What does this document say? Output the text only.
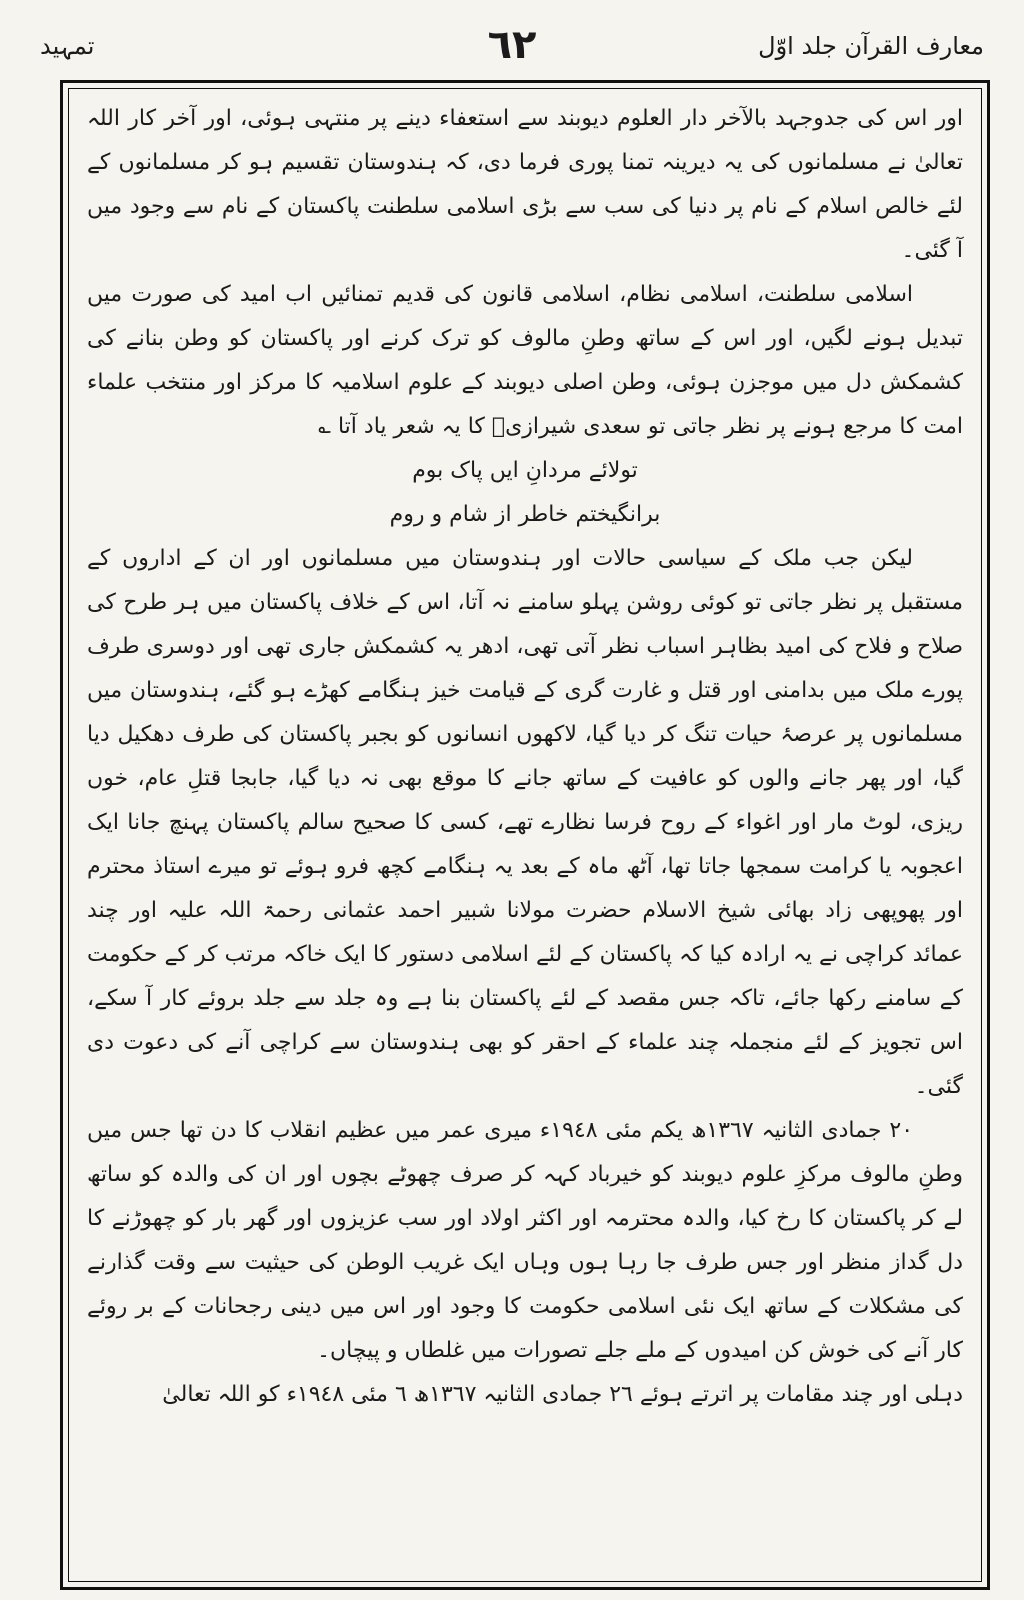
معارف القرآن جلد اوّل
٦٢
تمہید

اور اس کی جدوجہد بالآخر دار العلوم دیوبند سے استعفاء دینے پر منتہی ہوئی، اور آخر کار اللہ تعالیٰ نے مسلمانوں کی یہ دیرینہ تمنا پوری فرما دی، کہ ہندوستان تقسیم ہو کر مسلمانوں کے لئے خالص اسلام کے نام پر دنیا کی سب سے بڑی اسلامی سلطنت پاکستان کے نام سے وجود میں آ گئی۔

اسلامی سلطنت، اسلامی نظام، اسلامی قانون کی قدیم تمنائیں اب امید کی صورت میں تبدیل ہونے لگیں، اور اس کے ساتھ وطنِ مالوف کو ترک کرنے اور پاکستان کو وطن بنانے کی کشمکش دل میں موجزن ہوئی، وطن اصلی دیوبند کے علوم اسلامیہ کا مرکز اور منتخب علماء امت کا مرجع ہونے پر نظر جاتی تو سعدی شیرازیؒ کا یہ شعر یاد آتا ؎

تولائے مردانِ ایں پاک بوم

برانگیختم خاطر از شام و روم

لیکن جب ملک کے سیاسی حالات اور ہندوستان میں مسلمانوں اور ان کے اداروں کے مستقبل پر نظر جاتی تو کوئی روشن پہلو سامنے نہ آتا، اس کے خلاف پاکستان میں ہر طرح کی صلاح و فلاح کی امید بظاہر اسباب نظر آتی تھی، ادھر یہ کشمکش جاری تھی اور دوسری طرف پورے ملک میں بدامنی اور قتل و غارت گری کے قیامت خیز ہنگامے کھڑے ہو گئے، ہندوستان میں مسلمانوں پر عرصۂ حیات تنگ کر دیا گیا، لاکھوں انسانوں کو بجبر پاکستان کی طرف دھکیل دیا گیا، اور پھر جانے والوں کو عافیت کے ساتھ جانے کا موقع بھی نہ دیا گیا، جابجا قتلِ عام، خوں ریزی، لوٹ مار اور اغواء کے روح فرسا نظارے تھے، کسی کا صحیح سالم پاکستان پہنچ جانا ایک اعجوبہ یا کرامت سمجھا جاتا تھا، آٹھ ماہ کے بعد یہ ہنگامے کچھ فرو ہوئے تو میرے استاذ محترم اور پھوپھی زاد بھائی شیخ الاسلام حضرت مولانا شبیر احمد عثمانی رحمۃ اللہ علیہ اور چند عمائد کراچی نے یہ ارادہ کیا کہ پاکستان کے لئے اسلامی دستور کا ایک خاکہ مرتب کر کے حکومت کے سامنے رکھا جائے، تاکہ جس مقصد کے لئے پاکستان بنا ہے وہ جلد سے جلد بروئے کار آ سکے، اس تجویز کے لئے منجملہ چند علماء کے احقر کو بھی ہندوستان سے کراچی آنے کی دعوت دی گئی۔

٢٠ جمادی الثانیہ ١٣٦٧ھ یکم مئی ١٩٤٨ء میری عمر میں عظیم انقلاب کا دن تھا جس میں وطنِ مالوف مرکزِ علوم دیوبند کو خیرباد کہہ کر صرف چھوٹے بچوں اور ان کی والدہ کو ساتھ لے کر پاکستان کا رخ کیا، والدہ محترمہ اور اکثر اولاد اور سب عزیزوں اور گھر بار کو چھوڑنے کا دل گداز منظر اور جس طرف جا رہا ہوں وہاں ایک غریب الوطن کی حیثیت سے وقت گذارنے کی مشکلات کے ساتھ ایک نئی اسلامی حکومت کا وجود اور اس میں دینی رجحانات کے بر روئے کار آنے کی خوش کن امیدوں کے ملے جلے تصورات میں غلطاں و پیچاں۔

دہلی اور چند مقامات پر اترتے ہوئے ٢٦ جمادی الثانیہ ١٣٦٧ھ ٦ مئی ١٩٤٨ء کو اللہ تعالیٰ
